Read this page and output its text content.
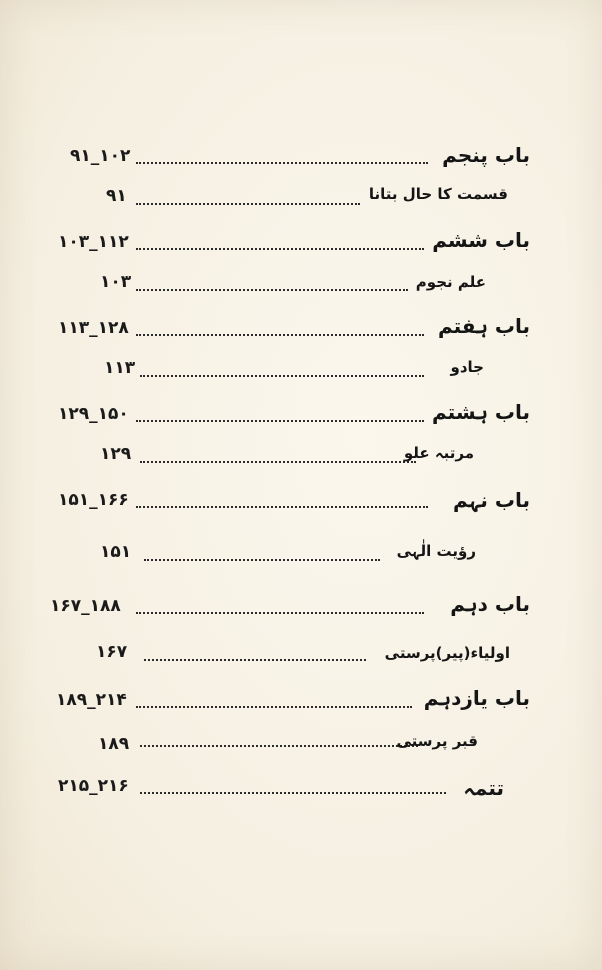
۹۱_۱۰۲	باب پنجم
۹۱	قسمت کا حال بتانا
۱۰۳_۱۱۲	باب ششم
۱۰۳	علم نجوم
۱۱۳_۱۲۸	باب ہفتم
۱۱۳	جادو
۱۲۹_۱۵۰	باب ہشتم
۱۲۹	مرتبہ علو
۱۵۱_۱۶۶	باب نہم
۱۵۱	رؤیت الٰہی
۱۶۷_۱۸۸	باب دہم
۱۶۷	اولیاء(پیر)پرستی
۱۸۹_۲۱۴	باب یازدہم
۱۸۹	قبر پرستی
۲۱۵_۲۱۶	تتمہ
